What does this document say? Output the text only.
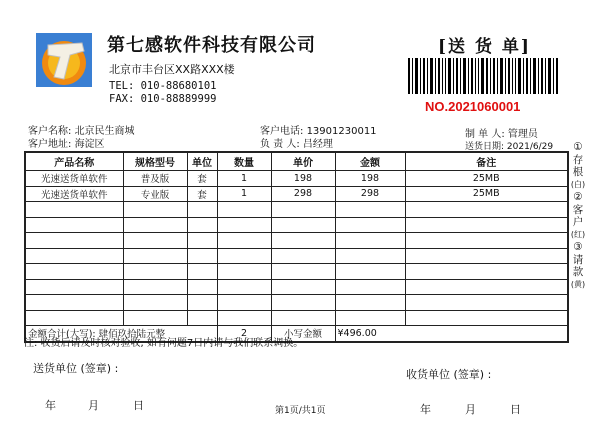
第七感软件科技有限公司
北京市丰台区XX路XXX楼
TEL: 010-88680101
FAX: 010-88889999
[送 货 单]
NO.2021060001
客户名称: 北京民生商城
客户地址: 海淀区
客户电话: 13901230011
负 责 人: 吕经理
制 单 人: 管理员
送货日期: 2021/6/29
产品名称	规格型号	单位	数量	单价	金额	备注
光速送货单软件	普及版	套	1	198	198	25MB
光速送货单软件	专业版	套	1	298	298	25MB

金额合计(大写): 肆佰玖拾陆元整			2	小写金额	¥496.00	
①
存
根
(白)
②
客
户
(红)
③
请
款
(黄)
注: 收货后请及时核对验收, 如有问题7日内请与我们联系调换。
送货单位 (签章) :	收货单位 (签章) :
年	月	日	年	月	日
第1页/共1页
